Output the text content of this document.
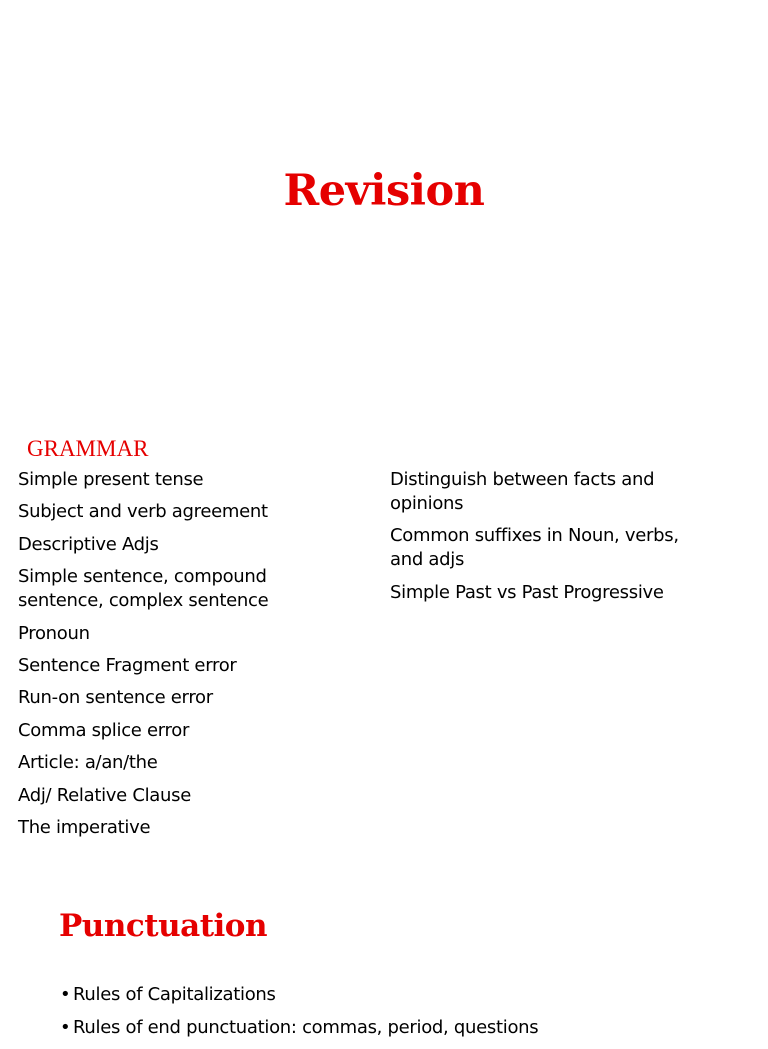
Revision
GRAMMAR
Simple present tense
Subject and verb agreement
Descriptive Adjs
Simple sentence, compound sentence, complex sentence
Pronoun
Sentence Fragment error
Run-on sentence error
Comma splice error
Article: a/an/the
Adj/ Relative Clause
The imperative
Distinguish between facts and opinions
Common suffixes in Noun, verbs, and adjs
Simple Past vs Past Progressive
Punctuation
• Rules of Capitalizations
• Rules of end punctuation: commas, period, questions
